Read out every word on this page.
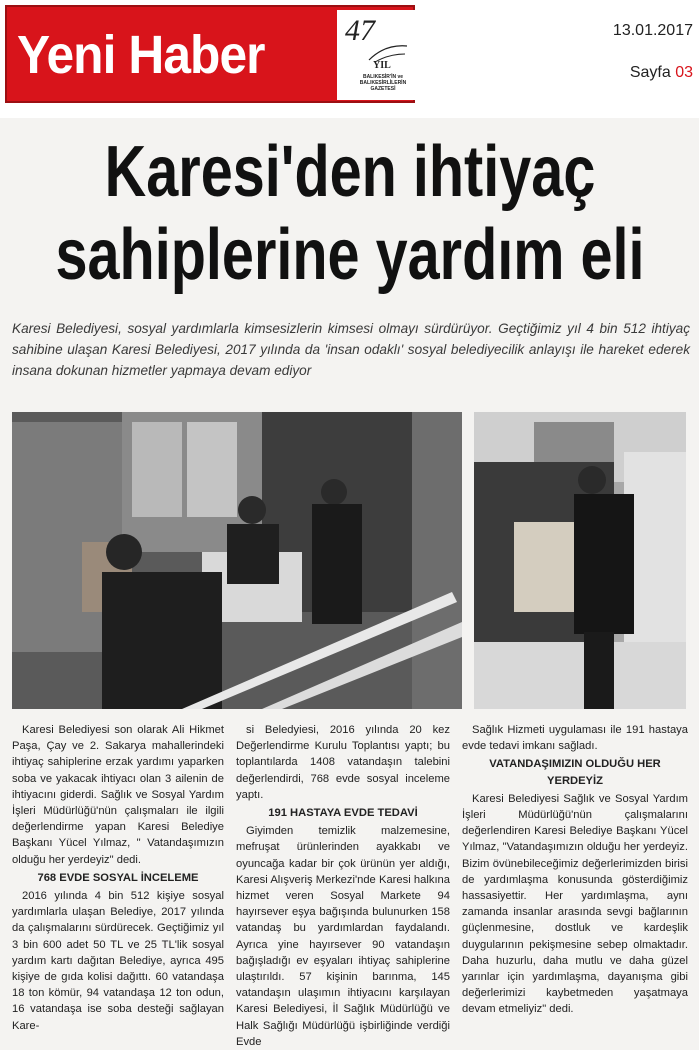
Yeni Haber	47
YIL
BALIKESİR'İN ve BALIKESİRLİLERİN GAZETESİ
13.01.2017
Sayfa 03
Karesi'den ihtiyaç
sahiplerine yardım eli
Karesi Belediyesi, sosyal yardımlarla kimsesizlerin kimsesi olmayı sürdürüyor. Geçtiğimiz yıl 4 bin 512 ihtiyaç sahibine ulaşan Karesi Belediyesi, 2017 yılında da 'insan odaklı' sosyal belediyecilik anlayışı ile hareket ederek insana dokunan hizmetler yapmaya devam ediyor

Karesi Belediyesi son olarak Ali Hikmet Paşa, Çay ve 2. Sakarya mahallerindeki ihtiyaç sahiplerine erzak yardımı yaparken soba ve yakacak ihtiyacı olan 3 ailenin de ihtiyacını giderdi. Sağlık ve Sosyal Yardım İşleri Müdürlüğü'nün çalışmaları ile ilgili değerlendirme yapan Karesi Belediye Başkanı Yücel Yılmaz, " Vatandaşımızın olduğu her yerdeyiz" dedi.

768 EVDE SOSYAL İNCELEME

2016 yılında 4 bin 512 kişiye sosyal yardımlarla ulaşan Belediye, 2017 yılında da çalışmalarını sürdürecek. Geçtiğimiz yıl 3 bin 600 adet 50 TL ve 25 TL'lik sosyal yardım kartı dağıtan Belediye, ayrıca 495 kişiye de gıda kolisi dağıttı. 60 vatandaşa 18 ton kömür, 94 vatandaşa 12 ton odun, 16 vatandaşa ise soba desteği sağlayan Kare-

si Beledyiesi, 2016 yılında 20 kez Değerlendirme Kurulu Toplantısı yaptı; bu toplantılarda 1408 vatandaşın talebini değerlendirdi, 768 evde sosyal inceleme yaptı.

191 HASTAYA EVDE TEDAVİ

Giyimden temizlik malzemesine, mefruşat ürünlerinden ayakkabı ve oyuncağa kadar bir çok ürünün yer aldığı, Karesi Alışveriş Merkezi'nde Karesi halkına hizmet veren Sosyal Markete 94 hayırsever eşya bağışında bulunurken 158 vatandaş bu yardımlardan faydalandı. Ayrıca yine hayırsever 90 vatandaşın bağışladığı ev eşyaları ihtiyaç sahiplerine ulaştırıldı. 57 kişinin barınma, 145 vatandaşın ulaşımın ihtiyacını karşılayan Karesi Belediyesi, İl Sağlık Müdürlüğü ve Halk Sağlığı Müdürlüğü işbirliğinde verdiği Evde

Sağlık Hizmeti uygulaması ile 191 hastaya evde tedavi imkanı sağladı.

VATANDAŞIMIZIN OLDUĞU HER YERDEYİZ

Karesi Belediyesi Sağlık ve Sosyal Yardım İşleri Müdürlüğü'nün çalışmalarını değerlendiren Karesi Belediye Başkanı Yücel Yılmaz, "Vatandaşımızın olduğu her yerdeyiz. Bizim övünebileceğimiz değerlerimizden birisi de yardımlaşma konusunda gösterdiğimiz hassasiyettir. Her yardımlaşma, aynı zamanda insanlar arasında sevgi bağlarının güçlenmesine, dostluk ve kardeşlik duygularının pekişmesine sebep olmaktadır. Daha huzurlu, daha mutlu ve daha güzel yarınlar için yardımlaşma, dayanışma gibi değerlerimizi kaybetmeden yaşatmaya devam etmeliyiz" dedi.
